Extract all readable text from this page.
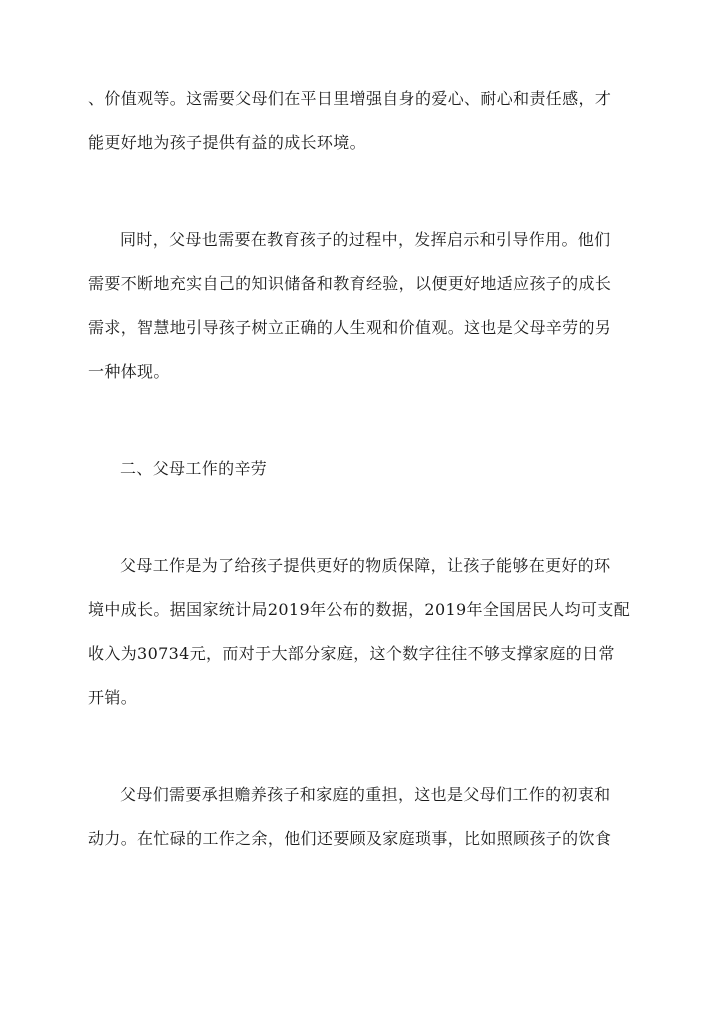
、价值观等。这需要父母们在平日里增强自身的爱心、耐心和责任感，才
能更好地为孩子提供有益的成长环境。
同时，父母也需要在教育孩子的过程中，发挥启示和引导作用。他们
需要不断地充实自己的知识储备和教育经验，以便更好地适应孩子的成长
需求，智慧地引导孩子树立正确的人生观和价值观。这也是父母辛劳的另
一种体现。
二、父母工作的辛劳
父母工作是为了给孩子提供更好的物质保障，让孩子能够在更好的环
境中成长。据国家统计局2019年公布的数据，2019年全国居民人均可支配
收入为30734元，而对于大部分家庭，这个数字往往不够支撑家庭的日常
开销。
父母们需要承担赡养孩子和家庭的重担，这也是父母们工作的初衷和
动力。在忙碌的工作之余，他们还要顾及家庭琐事，比如照顾孩子的饮食
